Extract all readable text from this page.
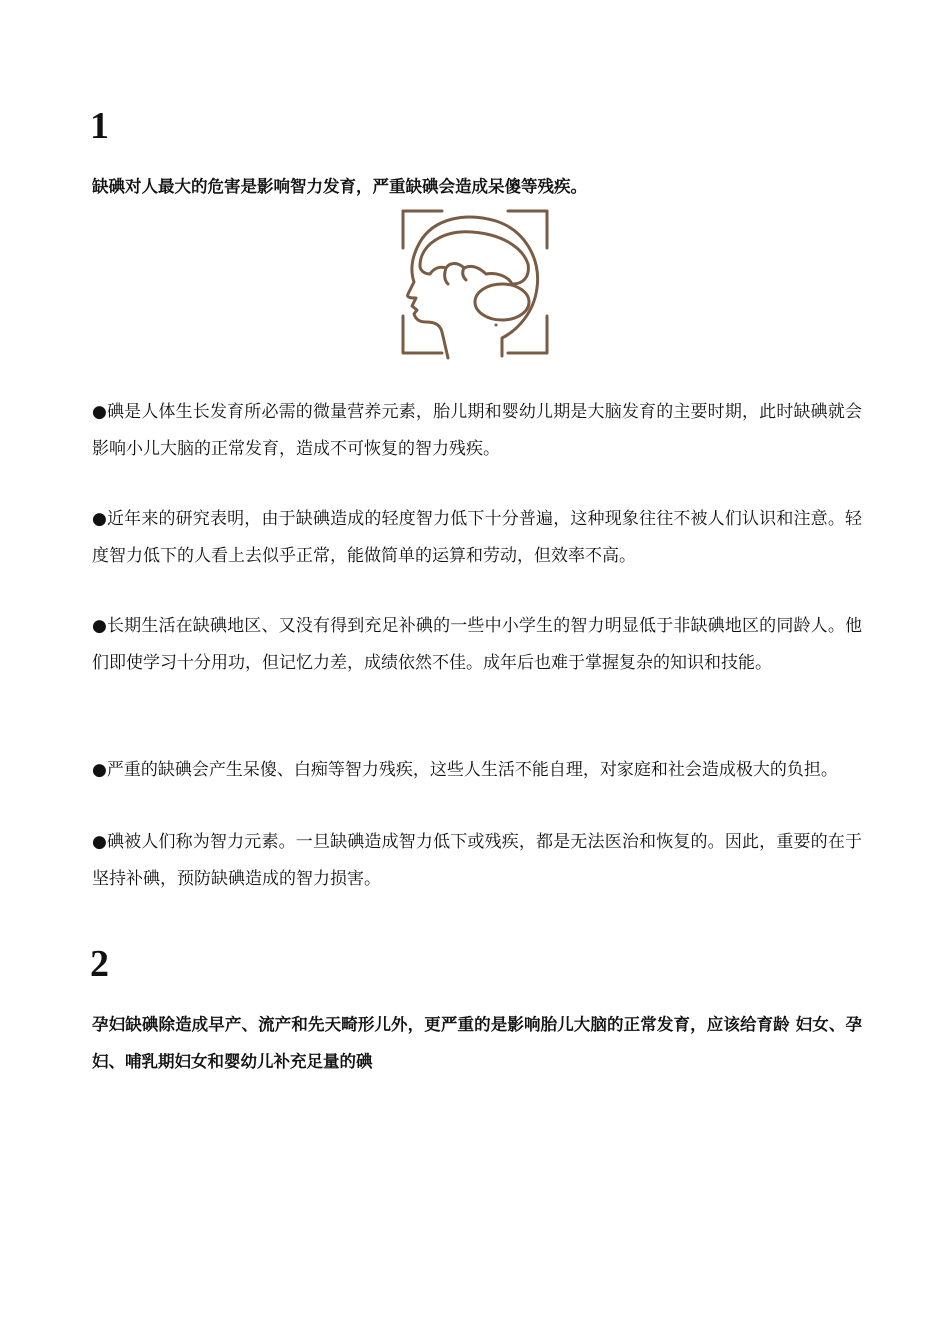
1

缺碘对人最大的危害是影响智力发育，严重缺碘会造成呆傻等残疾。

●碘是人体生长发育所必需的微量营养元素，胎儿期和婴幼儿期是大脑发育的主要时期，此时缺碘就会影响小儿大脑的正常发育，造成不可恢复的智力残疾。

●近年来的研究表明，由于缺碘造成的轻度智力低下十分普遍，这种现象往往不被人们认识和注意。轻度智力低下的人看上去似乎正常，能做简单的运算和劳动，但效率不高。

●长期生活在缺碘地区、又没有得到充足补碘的一些中小学生的智力明显低于非缺碘地区的同龄人。他们即使学习十分用功，但记忆力差，成绩依然不佳。成年后也难于掌握复杂的知识和技能。

●严重的缺碘会产生呆傻、白痴等智力残疾，这些人生活不能自理，对家庭和社会造成极大的负担。

●碘被人们称为智力元素。一旦缺碘造成智力低下或残疾，都是无法医治和恢复的。因此，重要的在于坚持补碘，预防缺碘造成的智力损害。

2

孕妇缺碘除造成早产、流产和先天畸形儿外，更严重的是影响胎儿大脑的正常发育，应该给育龄 妇女、孕妇、哺乳期妇女和婴幼儿补充足量的碘
